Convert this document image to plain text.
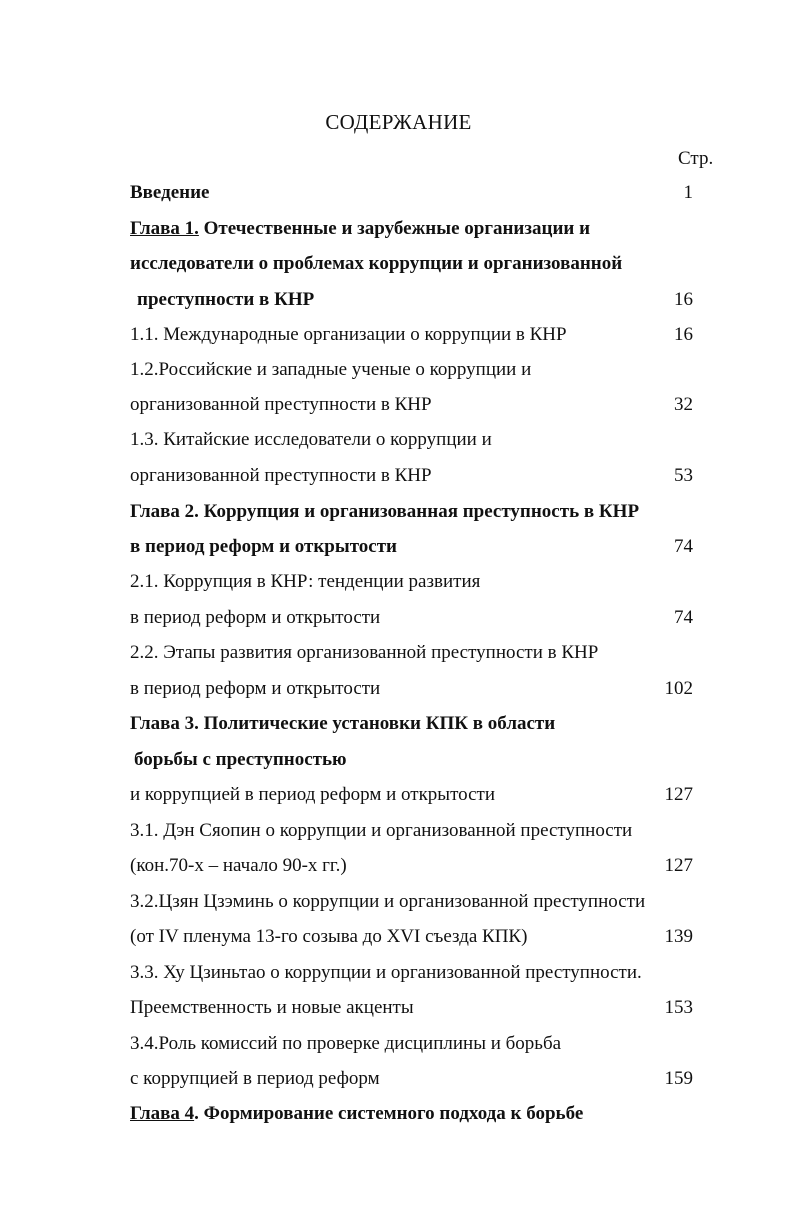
СОДЕРЖАНИЕ
Стр.
Введение	1
Глава 1. Отечественные и зарубежные организации и
исследователи о проблемах коррупции и организованной
преступности в КНР	16
1.1. Международные организации о коррупции в КНР	16
1.2.Российские и западные ученые о коррупции и
организованной преступности в КНР	32
1.3. Китайские исследователи о коррупции и
организованной преступности в КНР	53
Глава 2. Коррупция и организованная преступность в КНР
в период реформ и открытости	74
2.1. Коррупция в КНР: тенденции развития
в период реформ и открытости	74
2.2. Этапы развития организованной преступности в КНР
в период реформ и открытости	102
Глава 3. Политические установки КПК в области
борьбы с преступностью
и коррупцией в период реформ и открытости	127
3.1. Дэн Сяопин о коррупции и организованной преступности
(кон.70-х – начало 90-х гг.)	127
3.2.Цзян Цзэминь о коррупции и организованной преступности
(от IV пленума 13-го созыва до XVI съезда КПК)	139
3.3. Ху Цзиньтао о коррупции и организованной преступности.
Преемственность и новые акценты	153
3.4.Роль комиссий по проверке дисциплины и борьба
с коррупцией в период реформ	159
Глава 4. Формирование системного подхода к борьбе
